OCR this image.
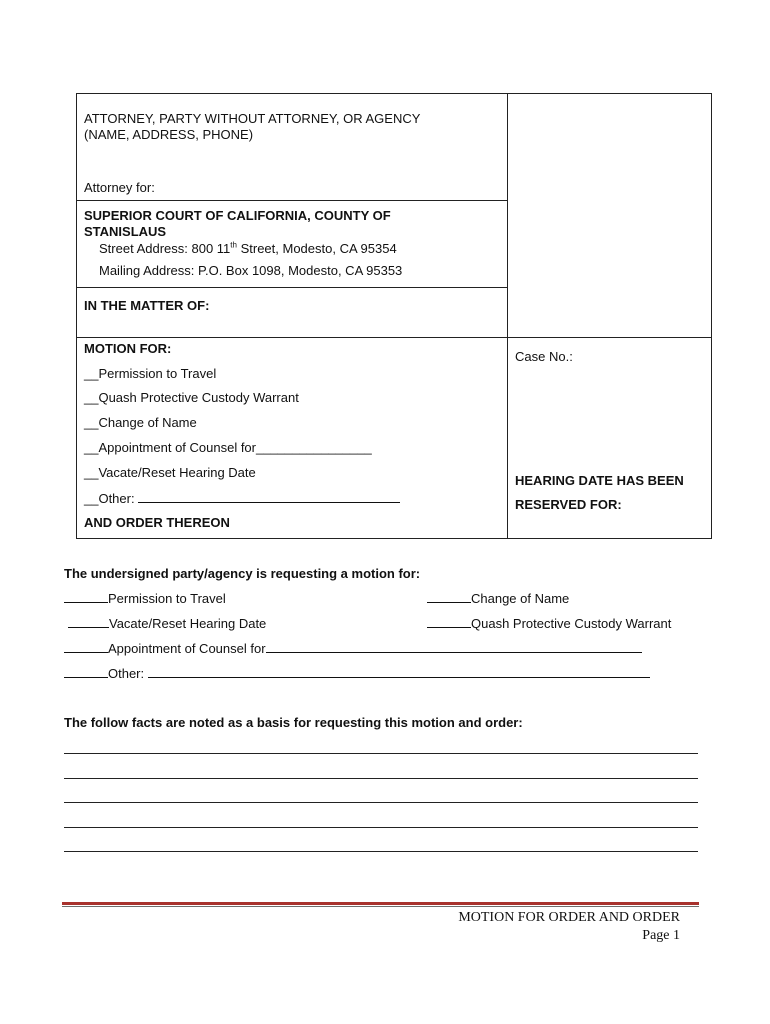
ATTORNEY, PARTY WITHOUT ATTORNEY, OR AGENCY
(NAME, ADDRESS, PHONE)
Attorney for:
SUPERIOR COURT OF CALIFORNIA, COUNTY OF
STANISLAUS
Street Address: 800 11th Street, Modesto, CA 95354
Mailing Address: P.O. Box 1098, Modesto, CA 95353
IN THE MATTER OF:
MOTION FOR:
__Permission to Travel
__Quash Protective Custody Warrant
__Change of Name
__Appointment of Counsel for________________
__Vacate/Reset Hearing Date
__Other:
AND ORDER THEREON
Case No.:
HEARING DATE HAS BEEN
RESERVED FOR:
The undersigned party/agency is requesting a motion for:
Permission to Travel	Change of Name
Vacate/Reset Hearing Date	Quash Protective Custody Warrant
Appointment of Counsel for
Other:
The follow facts are noted as a basis for requesting this motion and order:
MOTION FOR ORDER AND ORDER
Page 1
